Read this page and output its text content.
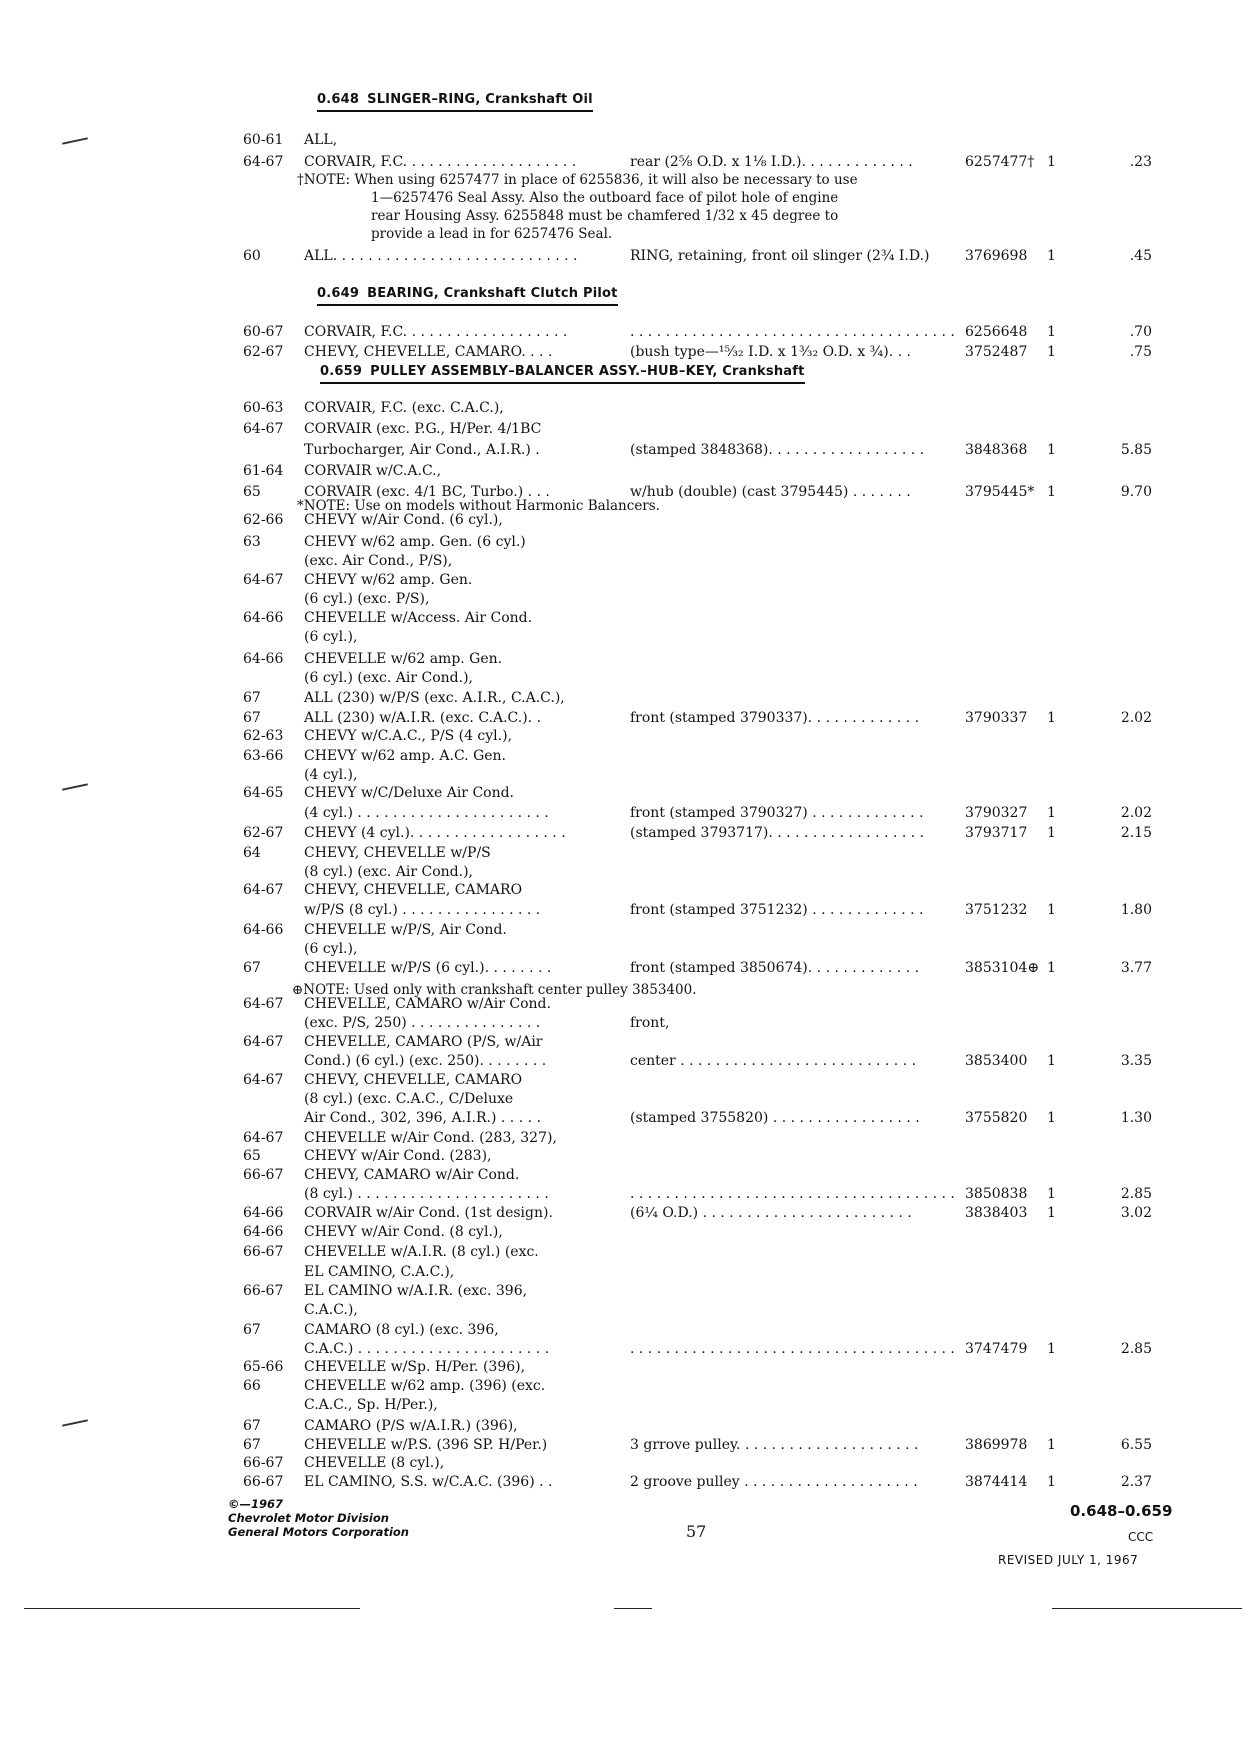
0.648 SLINGER–RING, Crankshaft Oil
0.649 BEARING, Crankshaft Clutch Pilot
0.659 PULLEY ASSEMBLY–BALANCER ASSY.–HUB–KEY, Crankshaft
†NOTE: When using 6257477 in place of 6255836, it will also be necessary to use
1—6257476 Seal Assy. Also the outboard face of pilot hole of engine
rear Housing Assy. 6255848 must be chamfered 1/32 x 45 degree to
provide a lead in for 6257476 Seal.
*NOTE: Use on models without Harmonic Balancers.
⊕NOTE: Used only with crankshaft center pulley 3853400.
60-61 ALL,
64-67 CORVAIR, F.C. . . . . . . . . . . . . . . . . . . .	rear (2⅝ O.D. x 1⅛ I.D.). . . . . . . . . . . . .	6257477† 1	.23
60	ALL. . . . . . . . . . . . . . . . . . . . . . . . . . . .	RING, retaining, front oil slinger (2¾ I.D.)	3769698 1	.45
60-67 CORVAIR, F.C. . . . . . . . . . . . . . . . . . .	. . . . . . . . . . . . . . . . . . . . . . . . . . . . . . . . . . . . . 6256648 1	.70
62-67 CHEVY, CHEVELLE, CAMARO. . . .	(bush type—¹⁵⁄₃₂ I.D. x 1³⁄₃₂ O.D. x ¾). . .	3752487 1	.75
60-63 CORVAIR, F.C. (exc. C.A.C.),
64-67 CORVAIR (exc. P.G., H/Per. 4/1BC
Turbocharger, Air Cond., A.I.R.) .	(stamped 3848368). . . . . . . . . . . . . . . . . .	3848368 1	5.85
61-64 CORVAIR w/C.A.C.,
65	CORVAIR (exc. 4/1 BC, Turbo.) . . .	w/hub (double) (cast 3795445) . . . . . . .	3795445* 1	9.70
62-66 CHEVY w/Air Cond. (6 cyl.),
63	CHEVY w/62 amp. Gen. (6 cyl.)
(exc. Air Cond., P/S),
64-67 CHEVY w/62 amp. Gen.
(6 cyl.) (exc. P/S),
64-66 CHEVELLE w/Access. Air Cond.
(6 cyl.),
64-66 CHEVELLE w/62 amp. Gen.
(6 cyl.) (exc. Air Cond.),
67	ALL (230) w/P/S (exc. A.I.R., C.A.C.),
67	ALL (230) w/A.I.R. (exc. C.A.C.). .	front (stamped 3790337). . . . . . . . . . . . .	3790337 1	2.02
62-63 CHEVY w/C.A.C., P/S (4 cyl.),
63-66 CHEVY w/62 amp. A.C. Gen.
(4 cyl.),
64-65 CHEVY w/C/Deluxe Air Cond.
(4 cyl.) . . . . . . . . . . . . . . . . . . . . . .	front (stamped 3790327) . . . . . . . . . . . . .	3790327 1	2.02
62-67 CHEVY (4 cyl.). . . . . . . . . . . . . . . . . .	(stamped 3793717). . . . . . . . . . . . . . . . . .	3793717 1	2.15
64	CHEVY, CHEVELLE w/P/S
(8 cyl.) (exc. Air Cond.),
64-67 CHEVY, CHEVELLE, CAMARO
w/P/S (8 cyl.) . . . . . . . . . . . . . . . .	front (stamped 3751232) . . . . . . . . . . . . .	3751232 1	1.80
64-66 CHEVELLE w/P/S, Air Cond.
(6 cyl.),
67	CHEVELLE w/P/S (6 cyl.). . . . . . . .	front (stamped 3850674). . . . . . . . . . . . .	3853104⊕ 1	3.77
64-67 CHEVELLE, CAMARO w/Air Cond.
(exc. P/S, 250) . . . . . . . . . . . . . . .	front,
64-67 CHEVELLE, CAMARO (P/S, w/Air
Cond.) (6 cyl.) (exc. 250). . . . . . . .	center . . . . . . . . . . . . . . . . . . . . . . . . . . .	3853400 1	3.35
64-67 CHEVY, CHEVELLE, CAMARO
(8 cyl.) (exc. C.A.C., C/Deluxe
Air Cond., 302, 396, A.I.R.) . . . . .	(stamped 3755820) . . . . . . . . . . . . . . . . .	3755820 1	1.30
64-67 CHEVELLE w/Air Cond. (283, 327),
65	CHEVY w/Air Cond. (283),
66-67 CHEVY, CAMARO w/Air Cond.
(8 cyl.) . . . . . . . . . . . . . . . . . . . . . .	. . . . . . . . . . . . . . . . . . . . . . . . . . . . . . . . . . . . . 3850838 1	2.85
64-66 CORVAIR w/Air Cond. (1st design).	(6¼ O.D.) . . . . . . . . . . . . . . . . . . . . . . . .	3838403 1	3.02
64-66 CHEVY w/Air Cond. (8 cyl.),
66-67 CHEVELLE w/A.I.R. (8 cyl.) (exc.
EL CAMINO, C.A.C.),
66-67 EL CAMINO w/A.I.R. (exc. 396,
C.A.C.),
67	CAMARO (8 cyl.) (exc. 396,
C.A.C.) . . . . . . . . . . . . . . . . . . . . . .	. . . . . . . . . . . . . . . . . . . . . . . . . . . . . . . . . . . . . 3747479 1	2.85
65-66 CHEVELLE w/Sp. H/Per. (396),
66	CHEVELLE w/62 amp. (396) (exc.
C.A.C., Sp. H/Per.),
67	CAMARO (P/S w/A.I.R.) (396),
67	CHEVELLE w/P.S. (396 SP. H/Per.)	3 grrove pulley. . . . . . . . . . . . . . . . . . . . .	3869978 1	6.55
66-67 CHEVELLE (8 cyl.),
66-67 EL CAMINO, S.S. w/C.A.C. (396) . .	2 groove pulley . . . . . . . . . . . . . . . . . . . .	3874414 1	2.37
©—1967
Chevrolet Motor Division
General Motors Corporation	57
0.648–0.659
CCC
REVISED JULY 1, 1967
